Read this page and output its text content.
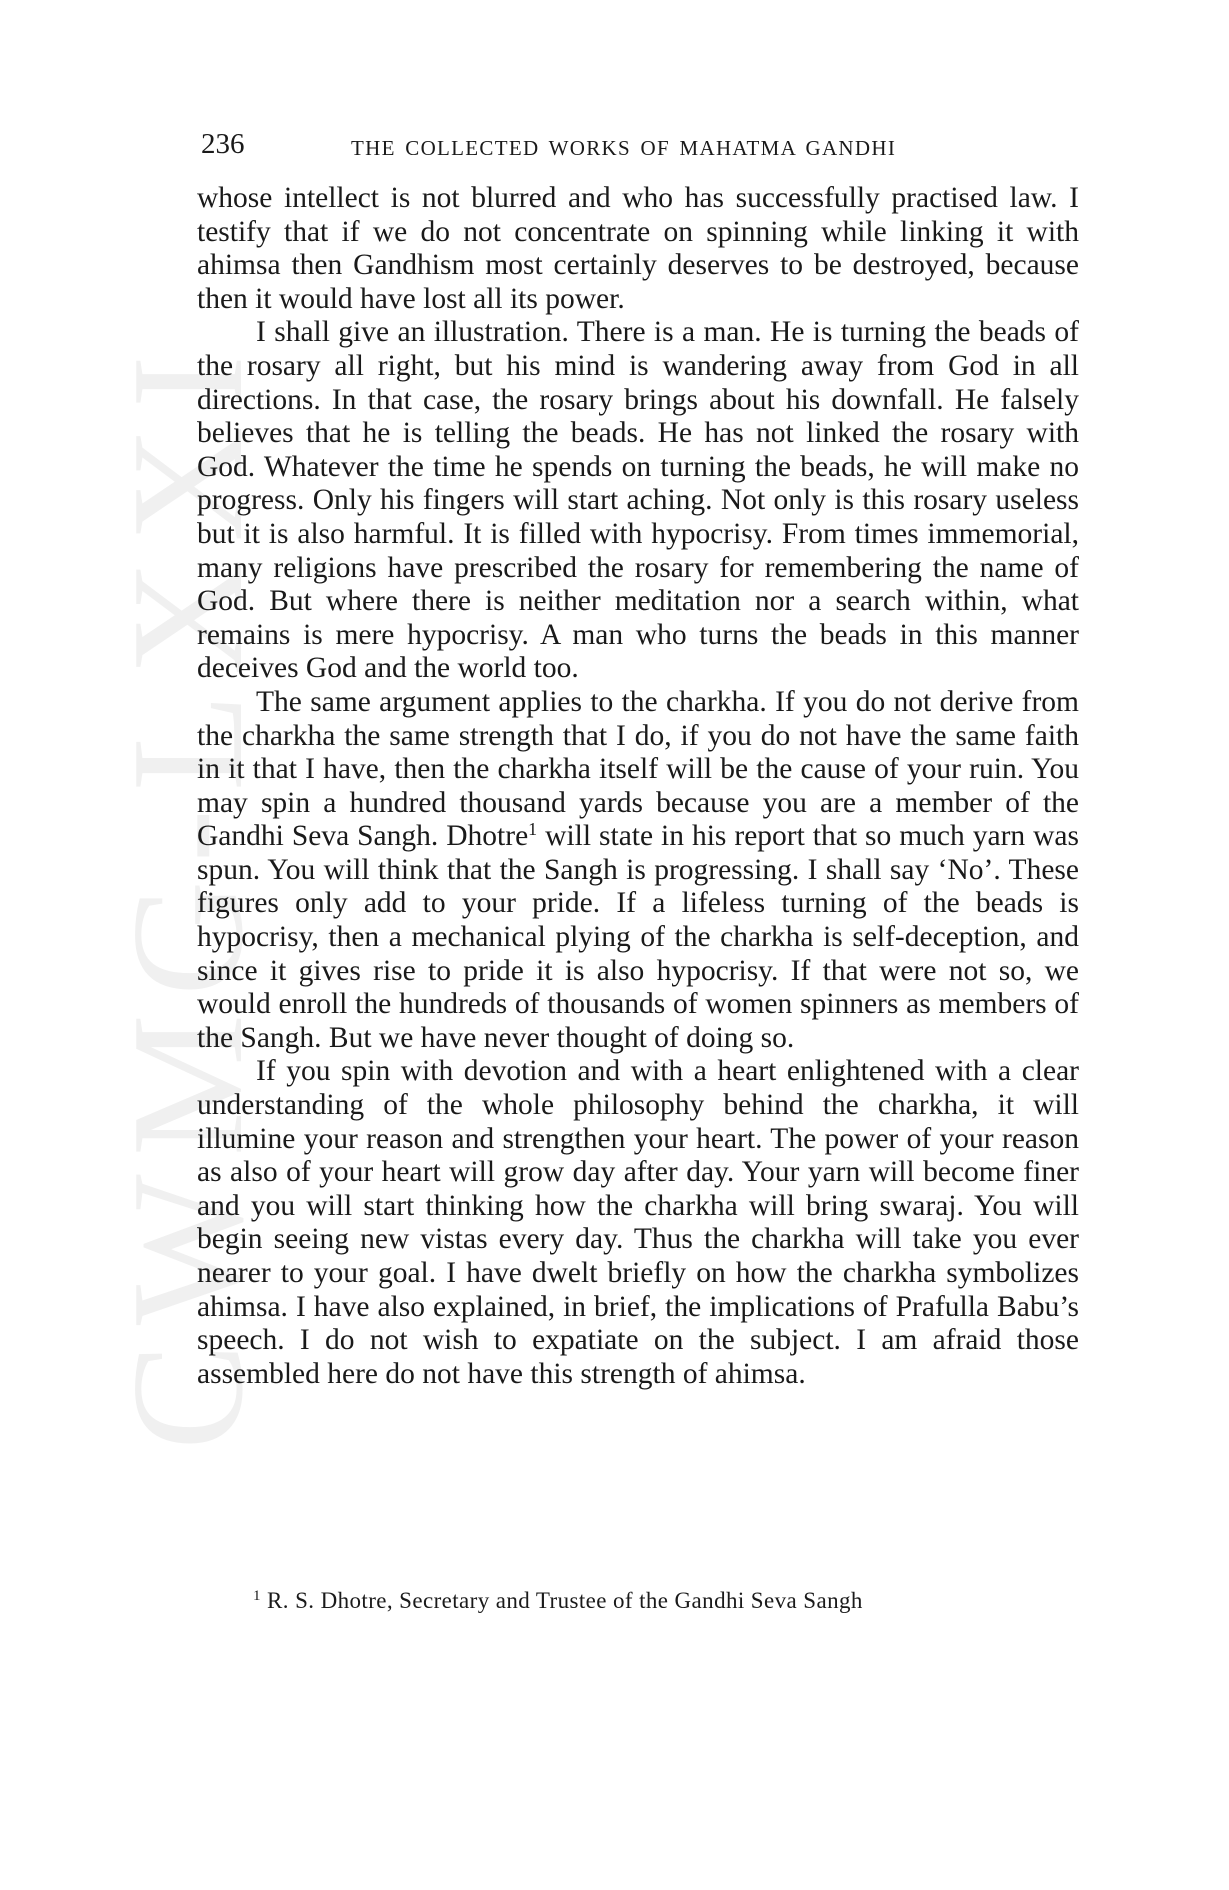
CWMG-LXXI
236	THE COLLECTED WORKS OF MAHATMA GANDHI

whose intellect is not blurred and who has successfully practised law. I testify that if we do not concentrate on spinning while linking it with ahimsa then Gandhism most certainly deserves to be destroyed, because then it would have lost all its power.

I shall give an illustration. There is a man. He is turning the beads of the rosary all right, but his mind is wandering away from God in all directions. In that case, the rosary brings about his downfall. He falsely believes that he is telling the beads. He has not linked the rosary with God. Whatever the time he spends on turning the beads, he will make no progress. Only his fingers will start aching. Not only is this rosary useless but it is also harmful. It is filled with hypocrisy. From times immemorial, many religions have prescribed the rosary for remembering the name of God. But where there is neither meditation nor a search within, what remains is mere hypocrisy. A man who turns the beads in this manner deceives God and the world too.

The same argument applies to the charkha. If you do not derive from the charkha the same strength that I do, if you do not have the same faith in it that I have, then the charkha itself will be the cause of your ruin. You may spin a hundred thousand yards because you are a member of the Gandhi Seva Sangh. Dhotre$^1$ will state in his report that so much yarn was spun. You will think that the Sangh is progressing. I shall say ‘No’. These figures only add to your pride. If a lifeless turning of the beads is hypocrisy, then a mechanical plying of the charkha is self-deception, and since it gives rise to pride it is also hypocrisy. If that were not so, we would enroll the hundreds of thousands of women spinners as members of the Sangh. But we have never thought of doing so.

If you spin with devotion and with a heart enlightened with a clear understanding of the whole philosophy behind the charkha, it will illumine your reason and strengthen your heart. The power of your reason as also of your heart will grow day after day. Your yarn will become finer and you will start thinking how the charkha will bring swaraj. You will begin seeing new vistas every day. Thus the charkha will take you ever nearer to your goal. I have dwelt briefly on how the charkha symbolizes ahimsa. I have also explained, in brief, the implications of Prafulla Babu’s speech. I do not wish to expatiate on the subject. I am afraid those assembled here do not have this strength of ahimsa.

$^1$ R. S. Dhotre, Secretary and Trustee of the Gandhi Seva Sangh
